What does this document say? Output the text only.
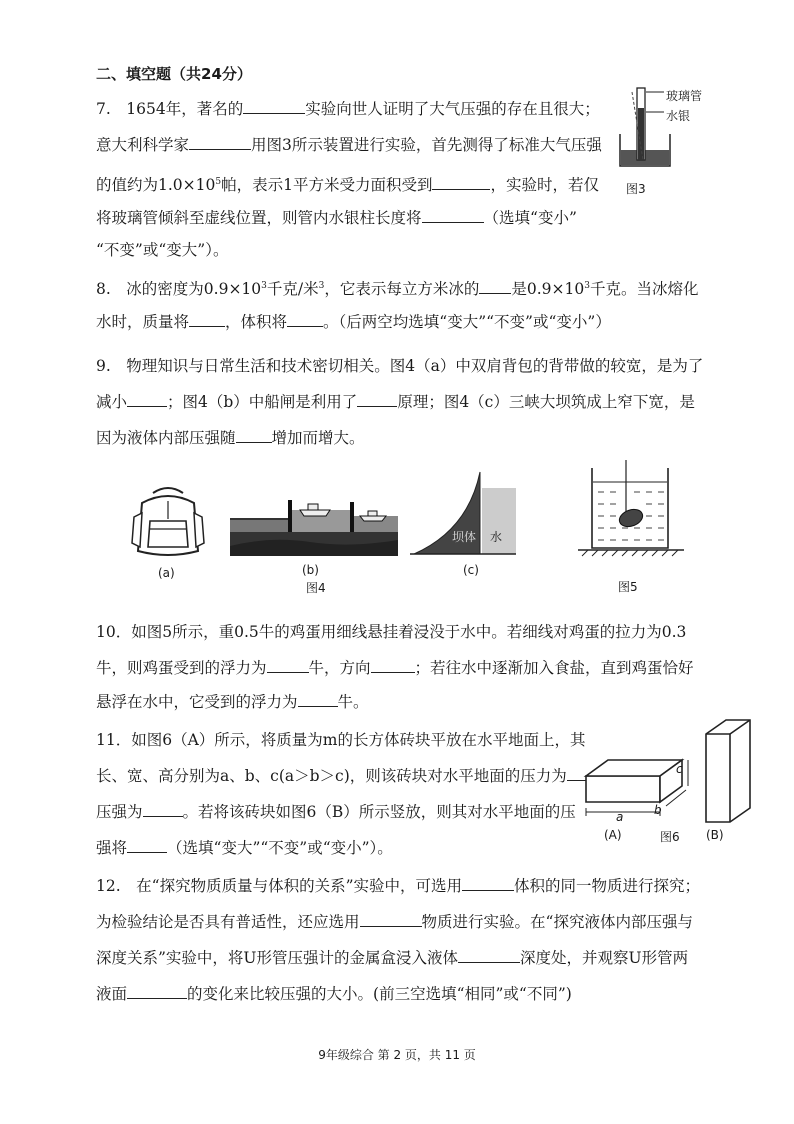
二、填空题（共24分）
7.　1654年，著名的	实验向世人证明了大气压强的存在且很大；
意大利科学家	用图3所示装置进行实验，首先测得了标准大气压强
的值约为$1.0\times 10^5$帕，表示1平方米受力面积受到	，实验时，若仅
将玻璃管倾斜至虚线位置，则管内水银柱长度将	（选填“变小”
“不变”或“变大”）。
玻璃管
水银
图3
8.　冰的密度为$0.9\times 10^3$千克/米$^3$，它表示每立方米冰的 是$0.9\times 10^3$千克。当冰熔化
水时，质量将 ，体积将 。（后两空均选填“变大”“不变”或“变小”）
9.　物理知识与日常生活和技术密切相关。图4（a）中双肩背包的背带做的较宽，是为了
减小	；图4（b）中船闸是利用了	原理；图4（c）三峡大坝筑成上窄下宽，是
因为液体内部压强随 增加而增大。
(a)	(b)
图4
坝体 水
(c)
图5
10．如图5所示，重0.5牛的鸡蛋用细线悬挂着浸没于水中。若细线对鸡蛋的拉力为0.3
牛，则鸡蛋受到的浮力为	牛，方向	；若往水中逐渐加入食盐，直到鸡蛋恰好
悬浮在水中，它受到的浮力为	牛。
11．如图6（A）所示，将质量为m的长方体砖块平放在水平地面上，其
长、宽、高分别为a、b、c(a＞b＞c)，则该砖块对水平地面的压力为
压强为	。若将该砖块如图6（B）所示竖放，则其对水平地面的压
强将	（选填“变大”“不变”或“变小”）。
c
b
a
(A)	图6 (B)
12.　在“探究物质质量与体积的关系”实验中，可选用	体积的同一物质进行探究；
为检验结论是否具有普适性，还应选用	物质进行实验。在“探究液体内部压强与
深度关系”实验中，将U形管压强计的金属盒浸入液体	深度处，并观察U形管两
液面	的变化来比较压强的大小。(前三空选填“相同”或“不同”)
9年级综合 第 2 页，共 11 页
